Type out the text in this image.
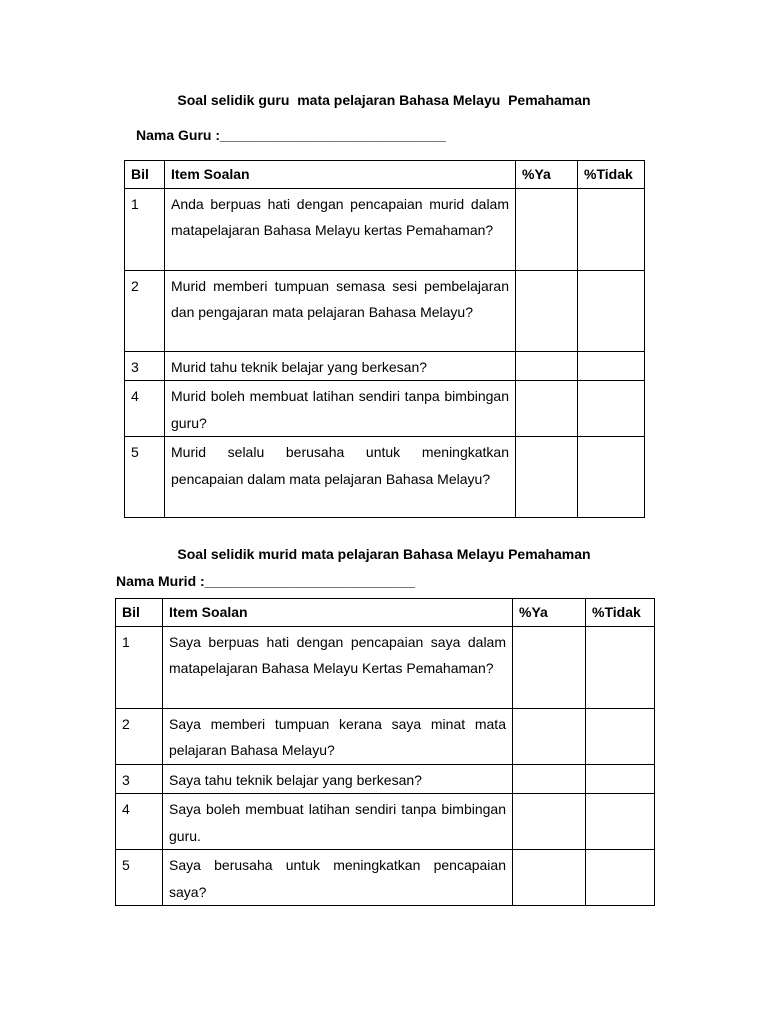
Soal selidik guru  mata pelajaran Bahasa Melayu  Pemahaman
Nama Guru :_____________________________
Bil	Item Soalan	%Ya	%Tidak
1	Anda berpuas hati dengan pencapaian murid dalam matapelajaran Bahasa Melayu kertas Pemahaman?		
2	Murid memberi tumpuan semasa sesi pembelajaran dan pengajaran mata pelajaran Bahasa Melayu?		
3	Murid tahu teknik belajar yang berkesan?		
4	Murid boleh membuat latihan sendiri tanpa bimbingan guru?		
5	Murid selalu berusaha untuk meningkatkan pencapaian dalam mata pelajaran Bahasa Melayu?		
Soal selidik murid mata pelajaran Bahasa Melayu Pemahaman
Nama Murid :___________________________
Bil	Item Soalan	%Ya	%Tidak
1	Saya berpuas hati dengan pencapaian saya dalam matapelajaran Bahasa Melayu Kertas Pemahaman?		
2	Saya memberi tumpuan kerana saya minat mata pelajaran Bahasa Melayu?		
3	Saya tahu teknik belajar yang berkesan?		
4	Saya boleh membuat latihan sendiri tanpa bimbingan guru.		
5	Saya berusaha untuk meningkatkan pencapaian saya?		
